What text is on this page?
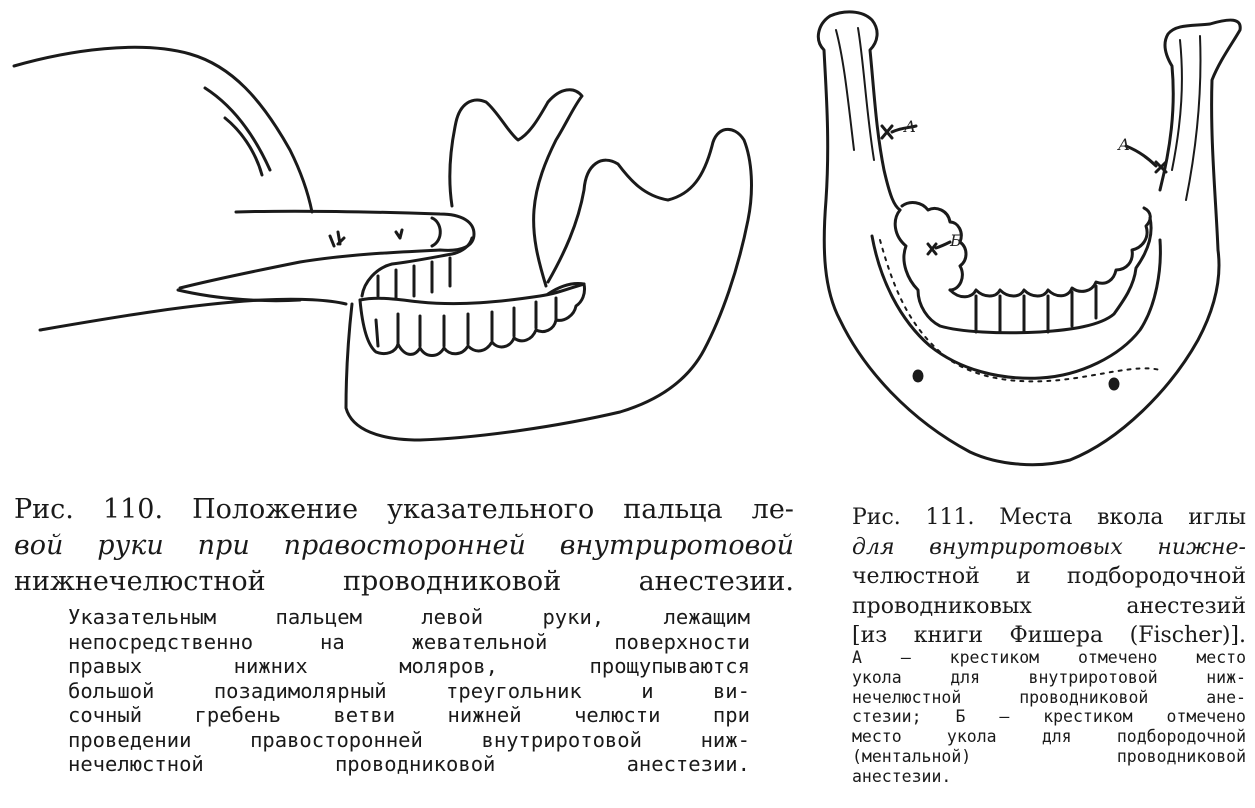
А
А
Б
Рис. 110. Положение указательного пальца ле-
вой руки при правосторонней внутриротовой
нижнечелюстной проводниковой анестезии.
Указательным	пальцем	левой	руки,	лежащим
непосредственно	на	жевательной	поверхности
правых	нижних	моляров,	прощупываются
большой	позадимолярный	треугольник	и	ви-
сочный	гребень	ветви	нижней	челюсти	при
проведении	правосторонней	внутриротовой	ниж-
нечелюстной проводниковой анестезии.
Рис. 111. Места вкола иглы
для внутриротовых нижне-
челюстной и подбородочной
проводниковых	анестезий
[из книги Фишера (Fischer)].
А — крестиком отмечено место
укола	для	внутриротовой	ниж-
нечелюстной	проводниковой	ане-
стезии; Б — крестиком отмечено
место	укола	для	подбородочной
(ментальной)	проводниковой
анестезии.
